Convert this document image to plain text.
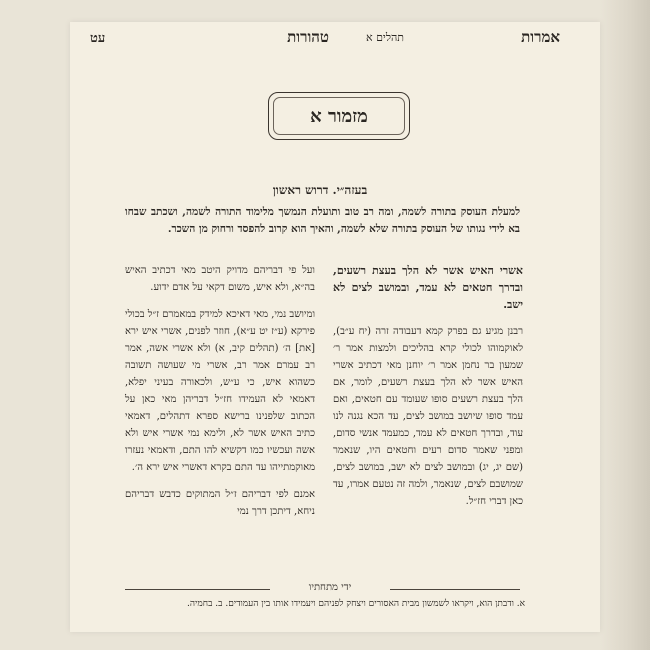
אמרות
תהלים א
טהורות
עט
מזמור א
בעזה״י. דרוש ראשון
למעלת העוסק בתורה לשמה, ומה רב טוב ותועלת הנמשך מלימוד התורה לשמה, ושכתב שבחו בא לידי נגותו של העוסק בתורה שלא לשמה, והאיך הוא קרוב להפסד ורחוק מן השכר.

אשרי האיש אשר לא הלך בעצת רשעים, ובדרך חטאים לא עמד, ובמושב לצים לא ישב.

רבנן מגיע גם בפרק קמא דעבודה זרה (יח ע״ב), לאוקמוהו לכולי קרא בהליכים ולמצות אמר ר׳ שמעון בר נחמן אמר ר׳ יוחנן מאי דכתיב אשרי האיש אשר לא הלך בעצת רשעים, לומר, אם הלך בעצת רשעים סופו שעומד עם חטאים, ואם עמד סופו שיושב במושב לצים, עד הכא נגנה לנו עוד, ובדרך חטאים לא עמד, כמעמד אנשי סדום, ומפני שאמר סדום רעים וחטאים היו, שנאמר (שם יג, יג) ובמושב לצים לא ישב, במושב לצים, שמושבם לצים, שנאמר, ולמה זה נטעם אמרו, עד כאן דברי חז״ל.

ועל פי דבריהם מדויק היטב מאי דכתיב האיש בה״א, ולא איש, משום דקאי על אדם ידוע.

ומיושב נמי, מאי דאיכא למידק במאמרם ז״ל בכולי פירקא (ע״ז יט ע״א), חוזר לפנים, אשרי איש ירא [את] ה׳ (תהלים קיב, א) ולא אשרי אשה, אמר רב עמרם אמר רב, אשרי מי שעושה תשובה כשהוא איש, כי ע״ש, ולכאורה בעיני יפלא, דאמאי לא העמידו חז״ל דבריהן מאי כאן על הכתוב שלפנינו ברישא ספרא דתהלים, דאמאי כתיב האיש אשר לא, ולימא נמי אשרי איש ולא אשה ועכשיו כמו דקשיא להו התם, ודאמאי נעזרו מאוקמתייהו עד התם בקרא דאשרי איש ירא ה׳.

אמנם לפי דבריהם ז״ל המתוקים כדבש דבריהם ניחא, דיתכן דרך נמי

ידי מתחתיו
א. ודבתן הוא, ויקראו לשמשון מבית האסורים ויצחק לפניהם ויעמידו אותו בין העמודים. ב. בחמיה.
